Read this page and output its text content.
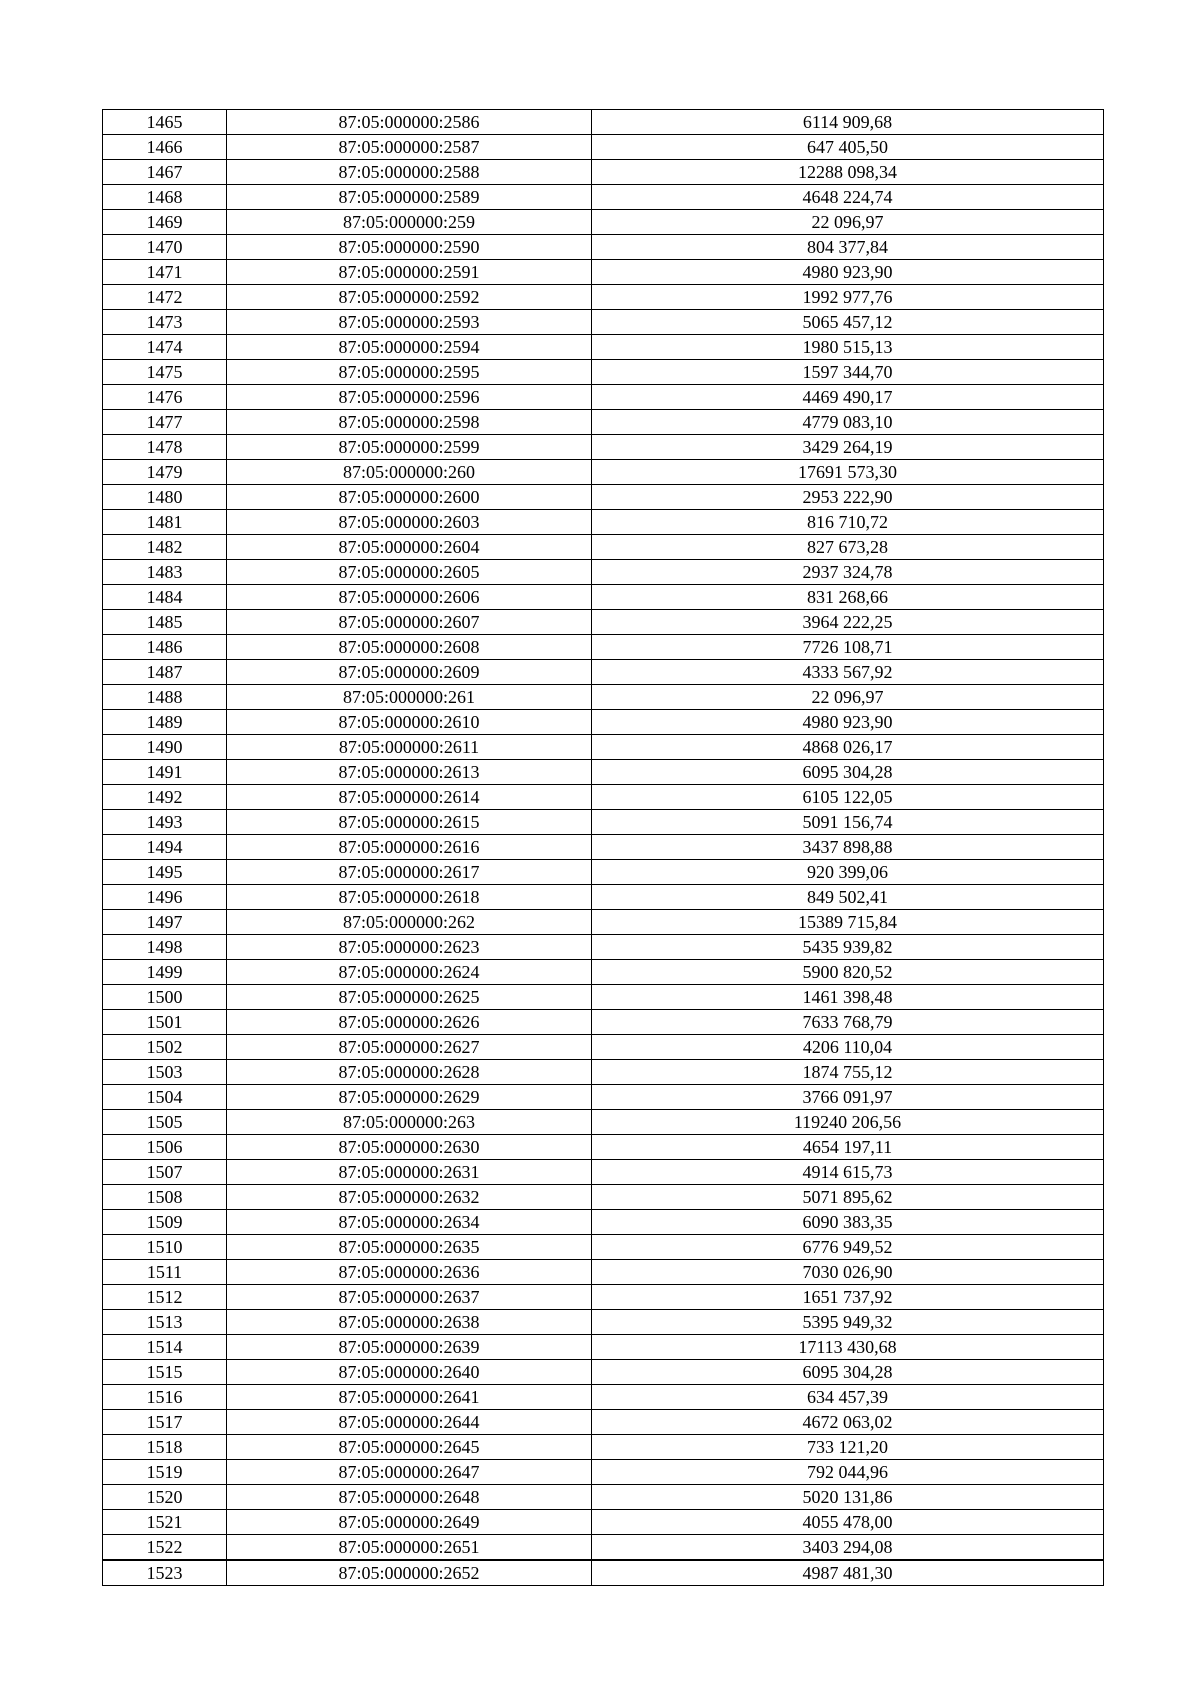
1465	87:05:000000:2586	6114 909,68
1466	87:05:000000:2587	647 405,50
1467	87:05:000000:2588	12288 098,34
1468	87:05:000000:2589	4648 224,74
1469	87:05:000000:259	22 096,97
1470	87:05:000000:2590	804 377,84
1471	87:05:000000:2591	4980 923,90
1472	87:05:000000:2592	1992 977,76
1473	87:05:000000:2593	5065 457,12
1474	87:05:000000:2594	1980 515,13
1475	87:05:000000:2595	1597 344,70
1476	87:05:000000:2596	4469 490,17
1477	87:05:000000:2598	4779 083,10
1478	87:05:000000:2599	3429 264,19
1479	87:05:000000:260	17691 573,30
1480	87:05:000000:2600	2953 222,90
1481	87:05:000000:2603	816 710,72
1482	87:05:000000:2604	827 673,28
1483	87:05:000000:2605	2937 324,78
1484	87:05:000000:2606	831 268,66
1485	87:05:000000:2607	3964 222,25
1486	87:05:000000:2608	7726 108,71
1487	87:05:000000:2609	4333 567,92
1488	87:05:000000:261	22 096,97
1489	87:05:000000:2610	4980 923,90
1490	87:05:000000:2611	4868 026,17
1491	87:05:000000:2613	6095 304,28
1492	87:05:000000:2614	6105 122,05
1493	87:05:000000:2615	5091 156,74
1494	87:05:000000:2616	3437 898,88
1495	87:05:000000:2617	920 399,06
1496	87:05:000000:2618	849 502,41
1497	87:05:000000:262	15389 715,84
1498	87:05:000000:2623	5435 939,82
1499	87:05:000000:2624	5900 820,52
1500	87:05:000000:2625	1461 398,48
1501	87:05:000000:2626	7633 768,79
1502	87:05:000000:2627	4206 110,04
1503	87:05:000000:2628	1874 755,12
1504	87:05:000000:2629	3766 091,97
1505	87:05:000000:263	119240 206,56
1506	87:05:000000:2630	4654 197,11
1507	87:05:000000:2631	4914 615,73
1508	87:05:000000:2632	5071 895,62
1509	87:05:000000:2634	6090 383,35
1510	87:05:000000:2635	6776 949,52
1511	87:05:000000:2636	7030 026,90
1512	87:05:000000:2637	1651 737,92
1513	87:05:000000:2638	5395 949,32
1514	87:05:000000:2639	17113 430,68
1515	87:05:000000:2640	6095 304,28
1516	87:05:000000:2641	634 457,39
1517	87:05:000000:2644	4672 063,02
1518	87:05:000000:2645	733 121,20
1519	87:05:000000:2647	792 044,96
1520	87:05:000000:2648	5020 131,86
1521	87:05:000000:2649	4055 478,00
1522	87:05:000000:2651	3403 294,08
1523	87:05:000000:2652	4987 481,30
